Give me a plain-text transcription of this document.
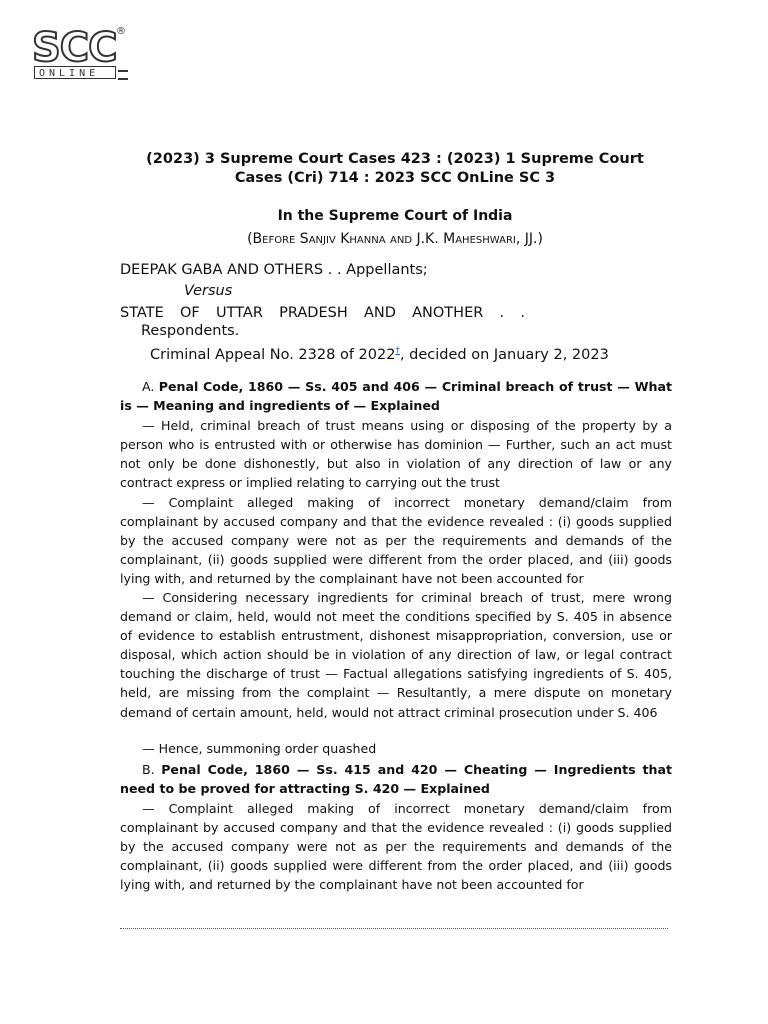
SCC ®
ONLINE
(2023) 3 Supreme Court Cases 423 : (2023) 1 Supreme Court
Cases (Cri) 714 : 2023 SCC OnLine SC 3
In the Supreme Court of India
(Before Sanjiv Khanna and J.K. Maheshwari, JJ.)
DEEPAK GABA AND OTHERS . . Appellants;
Versus
STATE OF UTTAR PRADESH AND ANOTHER . .
Respondents.
Criminal Appeal No. 2328 of 2022†, decided on January 2, 2023
A. Penal Code, 1860 — Ss. 405 and 406 — Criminal breach of trust — What is — Meaning and ingredients of — Explained
— Held, criminal breach of trust means using or disposing of the property by a person who is entrusted with or otherwise has dominion — Further, such an act must not only be done dishonestly, but also in violation of any direction of law or any contract express or implied relating to carrying out the trust
— Complaint alleged making of incorrect monetary demand/claim from complainant by accused company and that the evidence revealed : (i) goods supplied by the accused company were not as per the requirements and demands of the complainant, (ii) goods supplied were different from the order placed, and (iii) goods lying with, and returned by the complainant have not been accounted for
— Considering necessary ingredients for criminal breach of trust, mere wrong demand or claim, held, would not meet the conditions specified by S. 405 in absence of evidence to establish entrustment, dishonest misappropriation, conversion, use or disposal, which action should be in violation of any direction of law, or legal contract touching the discharge of trust — Factual allegations satisfying ingredients of S. 405, held, are missing from the complaint — Resultantly, a mere dispute on monetary demand of certain amount, held, would not attract criminal prosecution under S. 406
— Hence, summoning order quashed
B. Penal Code, 1860 — Ss. 415 and 420 — Cheating — Ingredients that need to be proved for attracting S. 420 — Explained
— Complaint alleged making of incorrect monetary demand/claim from complainant by accused company and that the evidence revealed : (i) goods supplied by the accused company were not as per the requirements and demands of the complainant, (ii) goods supplied were different from the order placed, and (iii) goods lying with, and returned by the complainant have not been accounted for
